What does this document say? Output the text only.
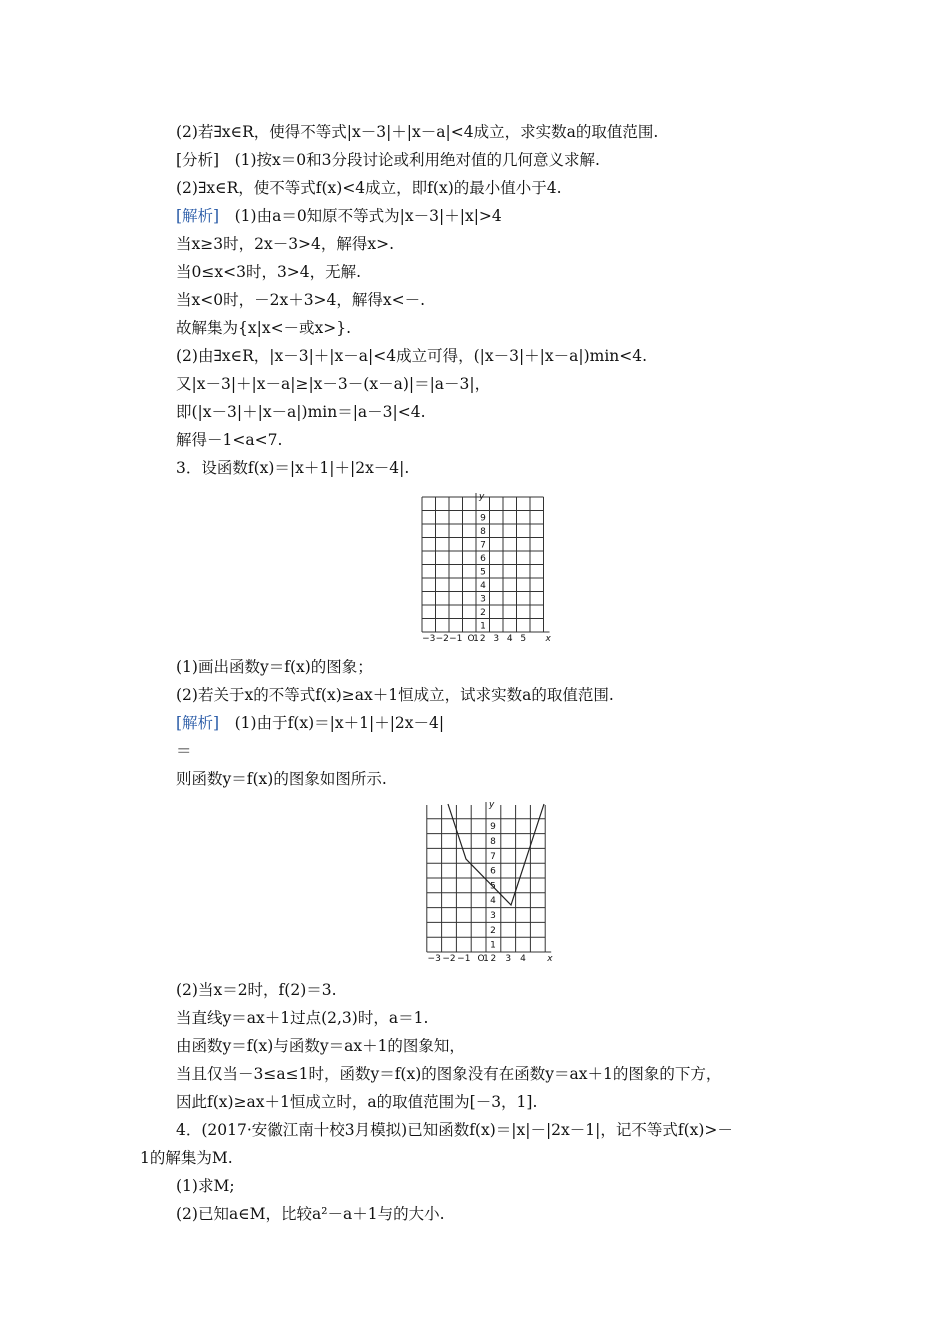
(2)若∃x∈R，使得不等式|x－3|＋|x－a|<4成立，求实数a的取值范围.
[分析]　(1)按x＝0和3分段讨论或利用绝对值的几何意义求解.
(2)∃x∈R，使不等式f(x)<4成立，即f(x)的最小值小于4.
[解析]　 (1)由a＝0知原不等式为|x－3|＋|x|>4
当x≥3时，2x－3>4，解得x>.
当0≤x<3时，3>4，无解.
当x<0时，－2x＋3>4，解得x<－.
故解集为{x|x<－或x>}.
(2)由∃x∈R，|x－3|＋|x－a|<4成立可得，(|x－3|＋|x－a|)min<4.
又|x－3|＋|x－a|≥|x－3－(x－a)|＝|a－3|，
即(|x－3|＋|x－a|)min＝|a－3|<4.
解得－1<a<7.
3．设函数f(x)＝|x＋1|＋|2x－4|.
−3 −2 −1 O
1 2 3 4 5
1
2
3
4
5
6
7
8
9
x
y
(1)画出函数y＝f(x)的图象；
(2)若关于x的不等式f(x)≥ax＋1恒成立，试求实数a的取值范围.
[解析]　 (1)由于f(x)＝|x＋1|＋|2x－4|
＝
则函数y＝f(x)的图象如图所示.
−3 −2 −1 O
1 2 3 4
1
2
3
4
5
6
7
8
9
x
y
(2)当x＝2时，f(2)＝3.
当直线y＝ax＋1过点(2,3)时，a＝1.
由函数y＝f(x)与函数y＝ax＋1的图象知，
当且仅当－3≤a≤1时，函数y＝f(x)的图象没有在函数y＝ax＋1的图象的下方，
因此f(x)≥ax＋1恒成立时，a的取值范围为[－3，1].
4．(2017·安徽江南十校3月模拟)已知函数f(x)＝|x|－|2x－1|，记不等式f(x)>－
1的解集为M.
(1)求M;
(2)已知a∈M，比较a²－a＋1与的大小.
